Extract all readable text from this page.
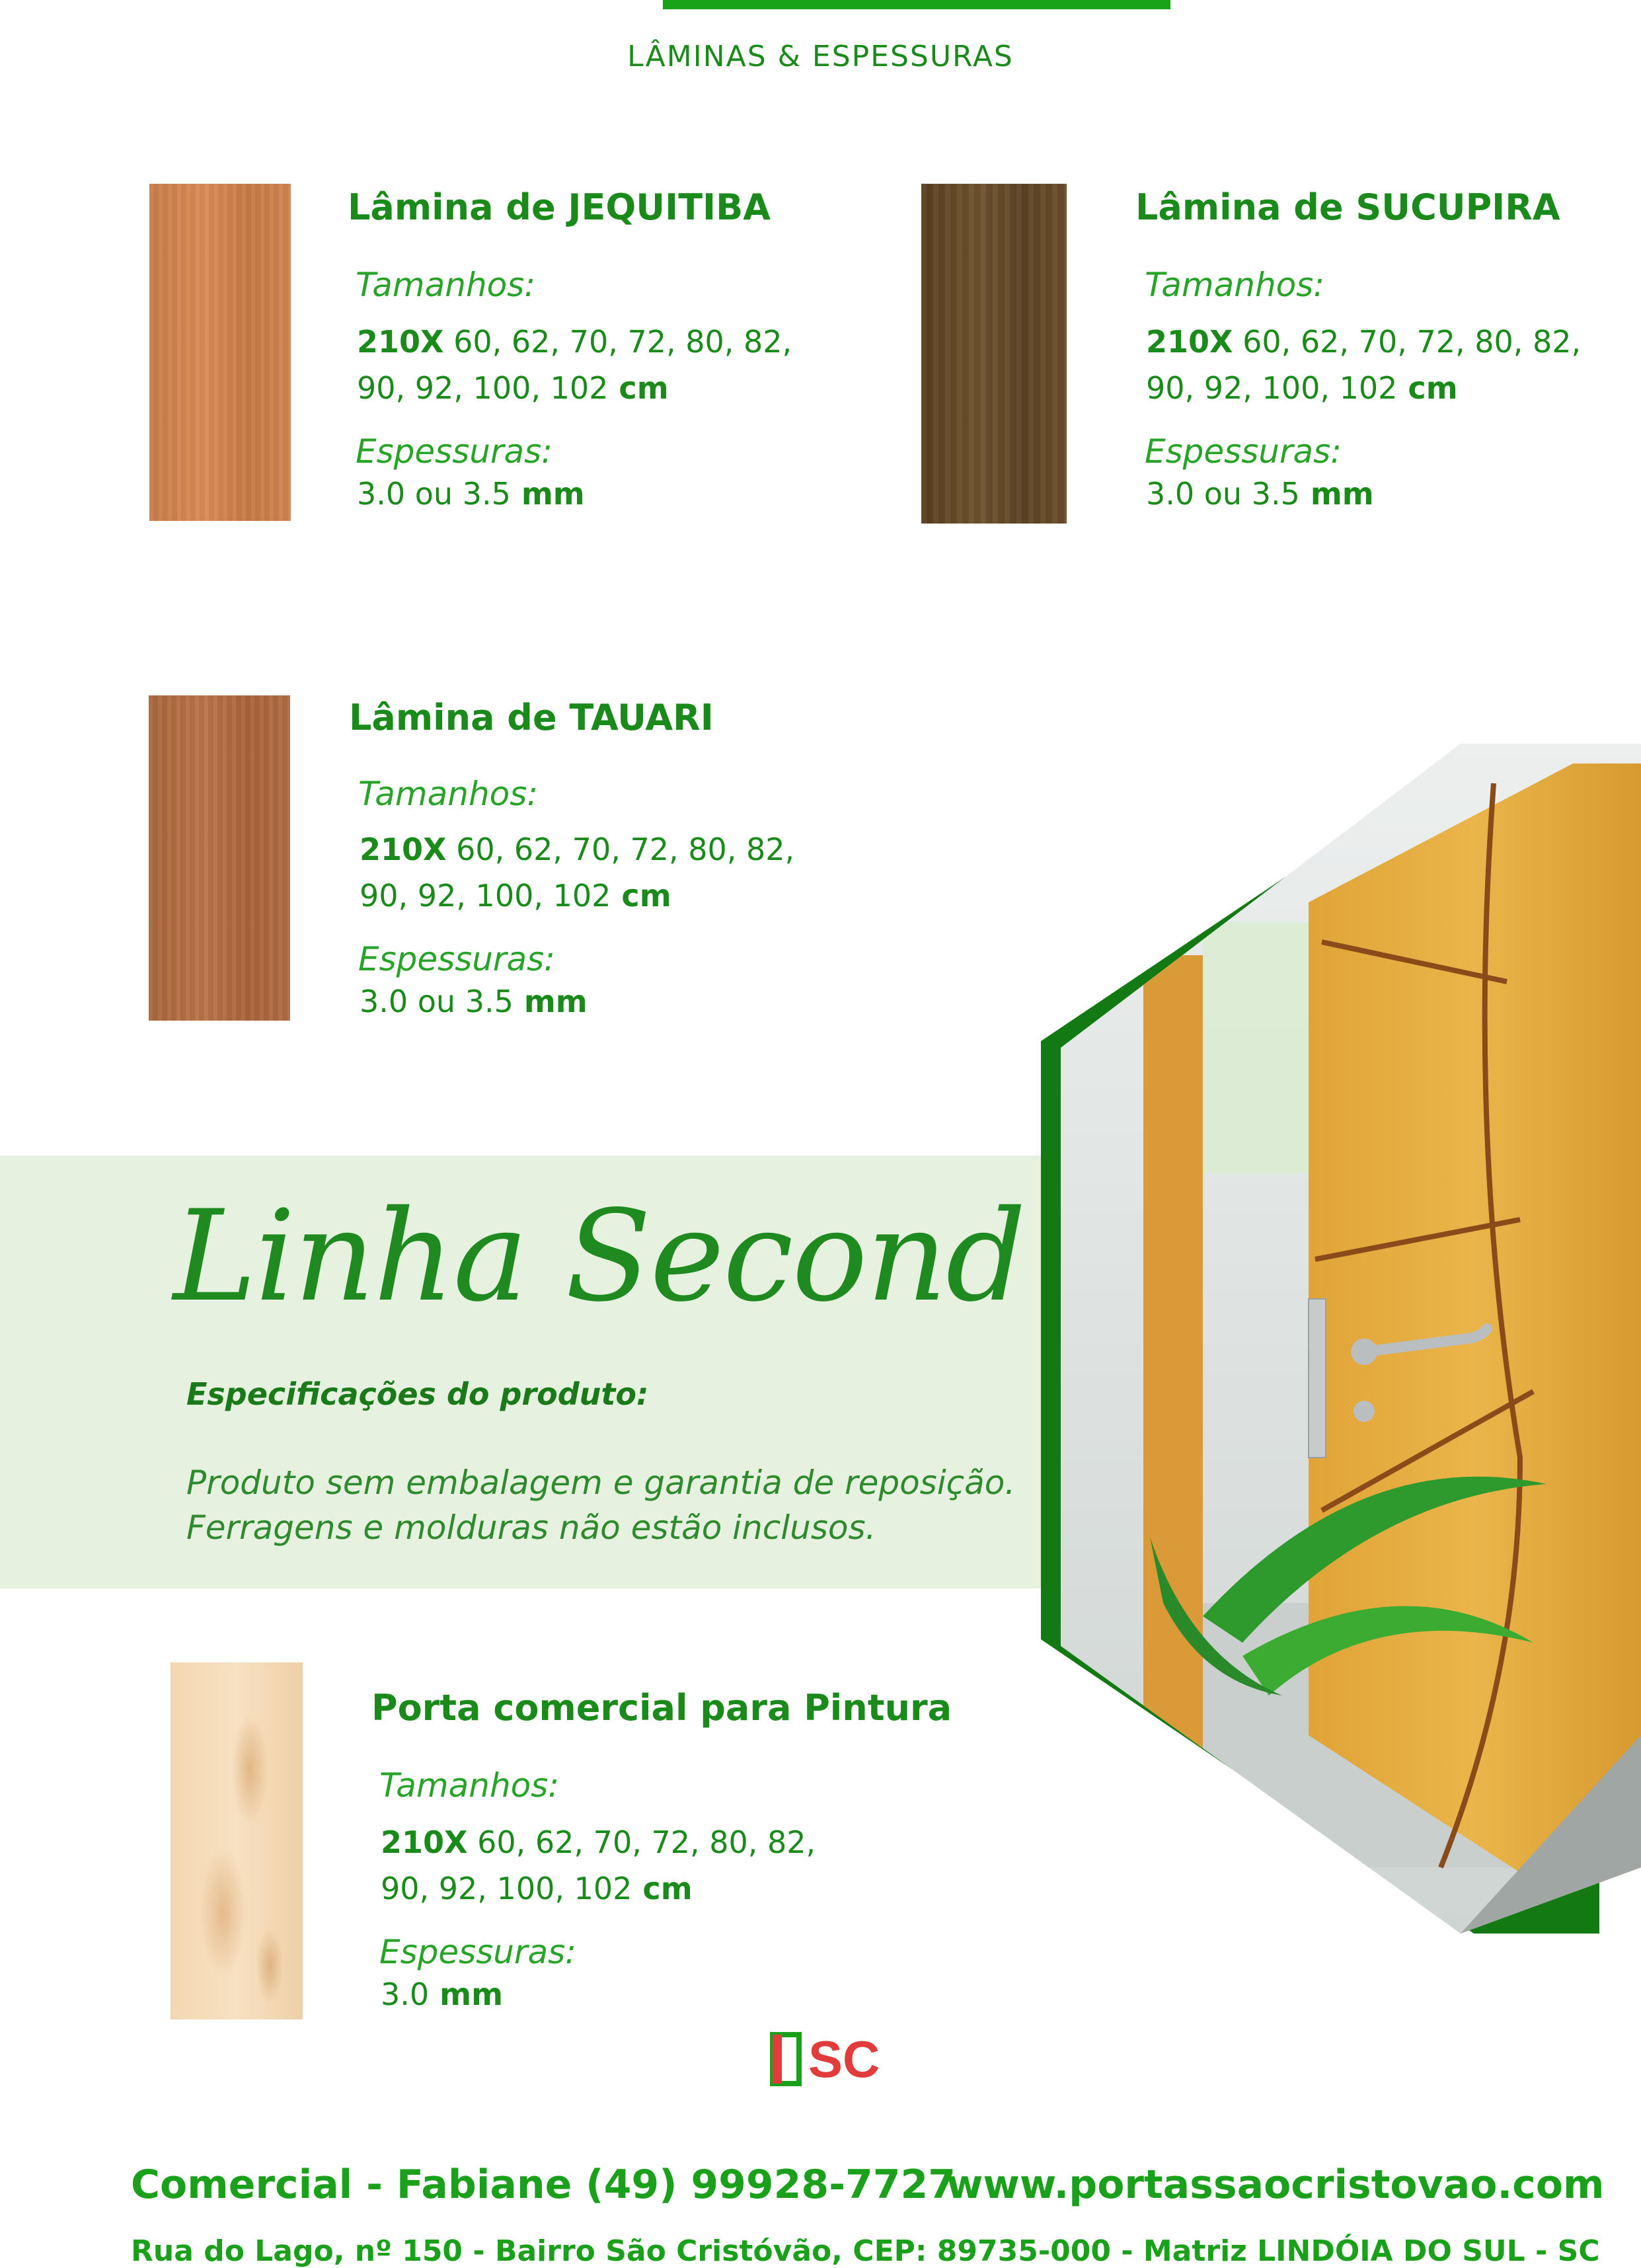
LÂMINAS & ESPESSURAS
Lâmina de JEQUITIBA
Tamanhos:
210X 60, 62, 70, 72, 80, 82,
90, 92, 100, 102 cm
Espessuras:
3.0 ou 3.5 mm
Lâmina de SUCUPIRA
Tamanhos:
210X 60, 62, 70, 72, 80, 82,
90, 92, 100, 102 cm
Espessuras:
3.0 ou 3.5 mm
Lâmina de TAUARI
Tamanhos:
210X 60, 62, 70, 72, 80, 82,
90, 92, 100, 102 cm
Espessuras:
3.0 ou 3.5 mm
Linha Second
Especificações do produto:
Produto sem embalagem e garantia de reposição.
Ferragens e molduras não estão inclusos.
Porta comercial para Pintura
Tamanhos:
210X 60, 62, 70, 72, 80, 82,
90, 92, 100, 102 cm
Espessuras:
3.0 mm
SC
Comercial - Fabiane (49) 99928-7727
www.portassaocristovao.com
Rua do Lago, nº 150 - Bairro São Cristóvão, CEP: 89735-000 - Matriz LINDÓIA DO SUL - SC
